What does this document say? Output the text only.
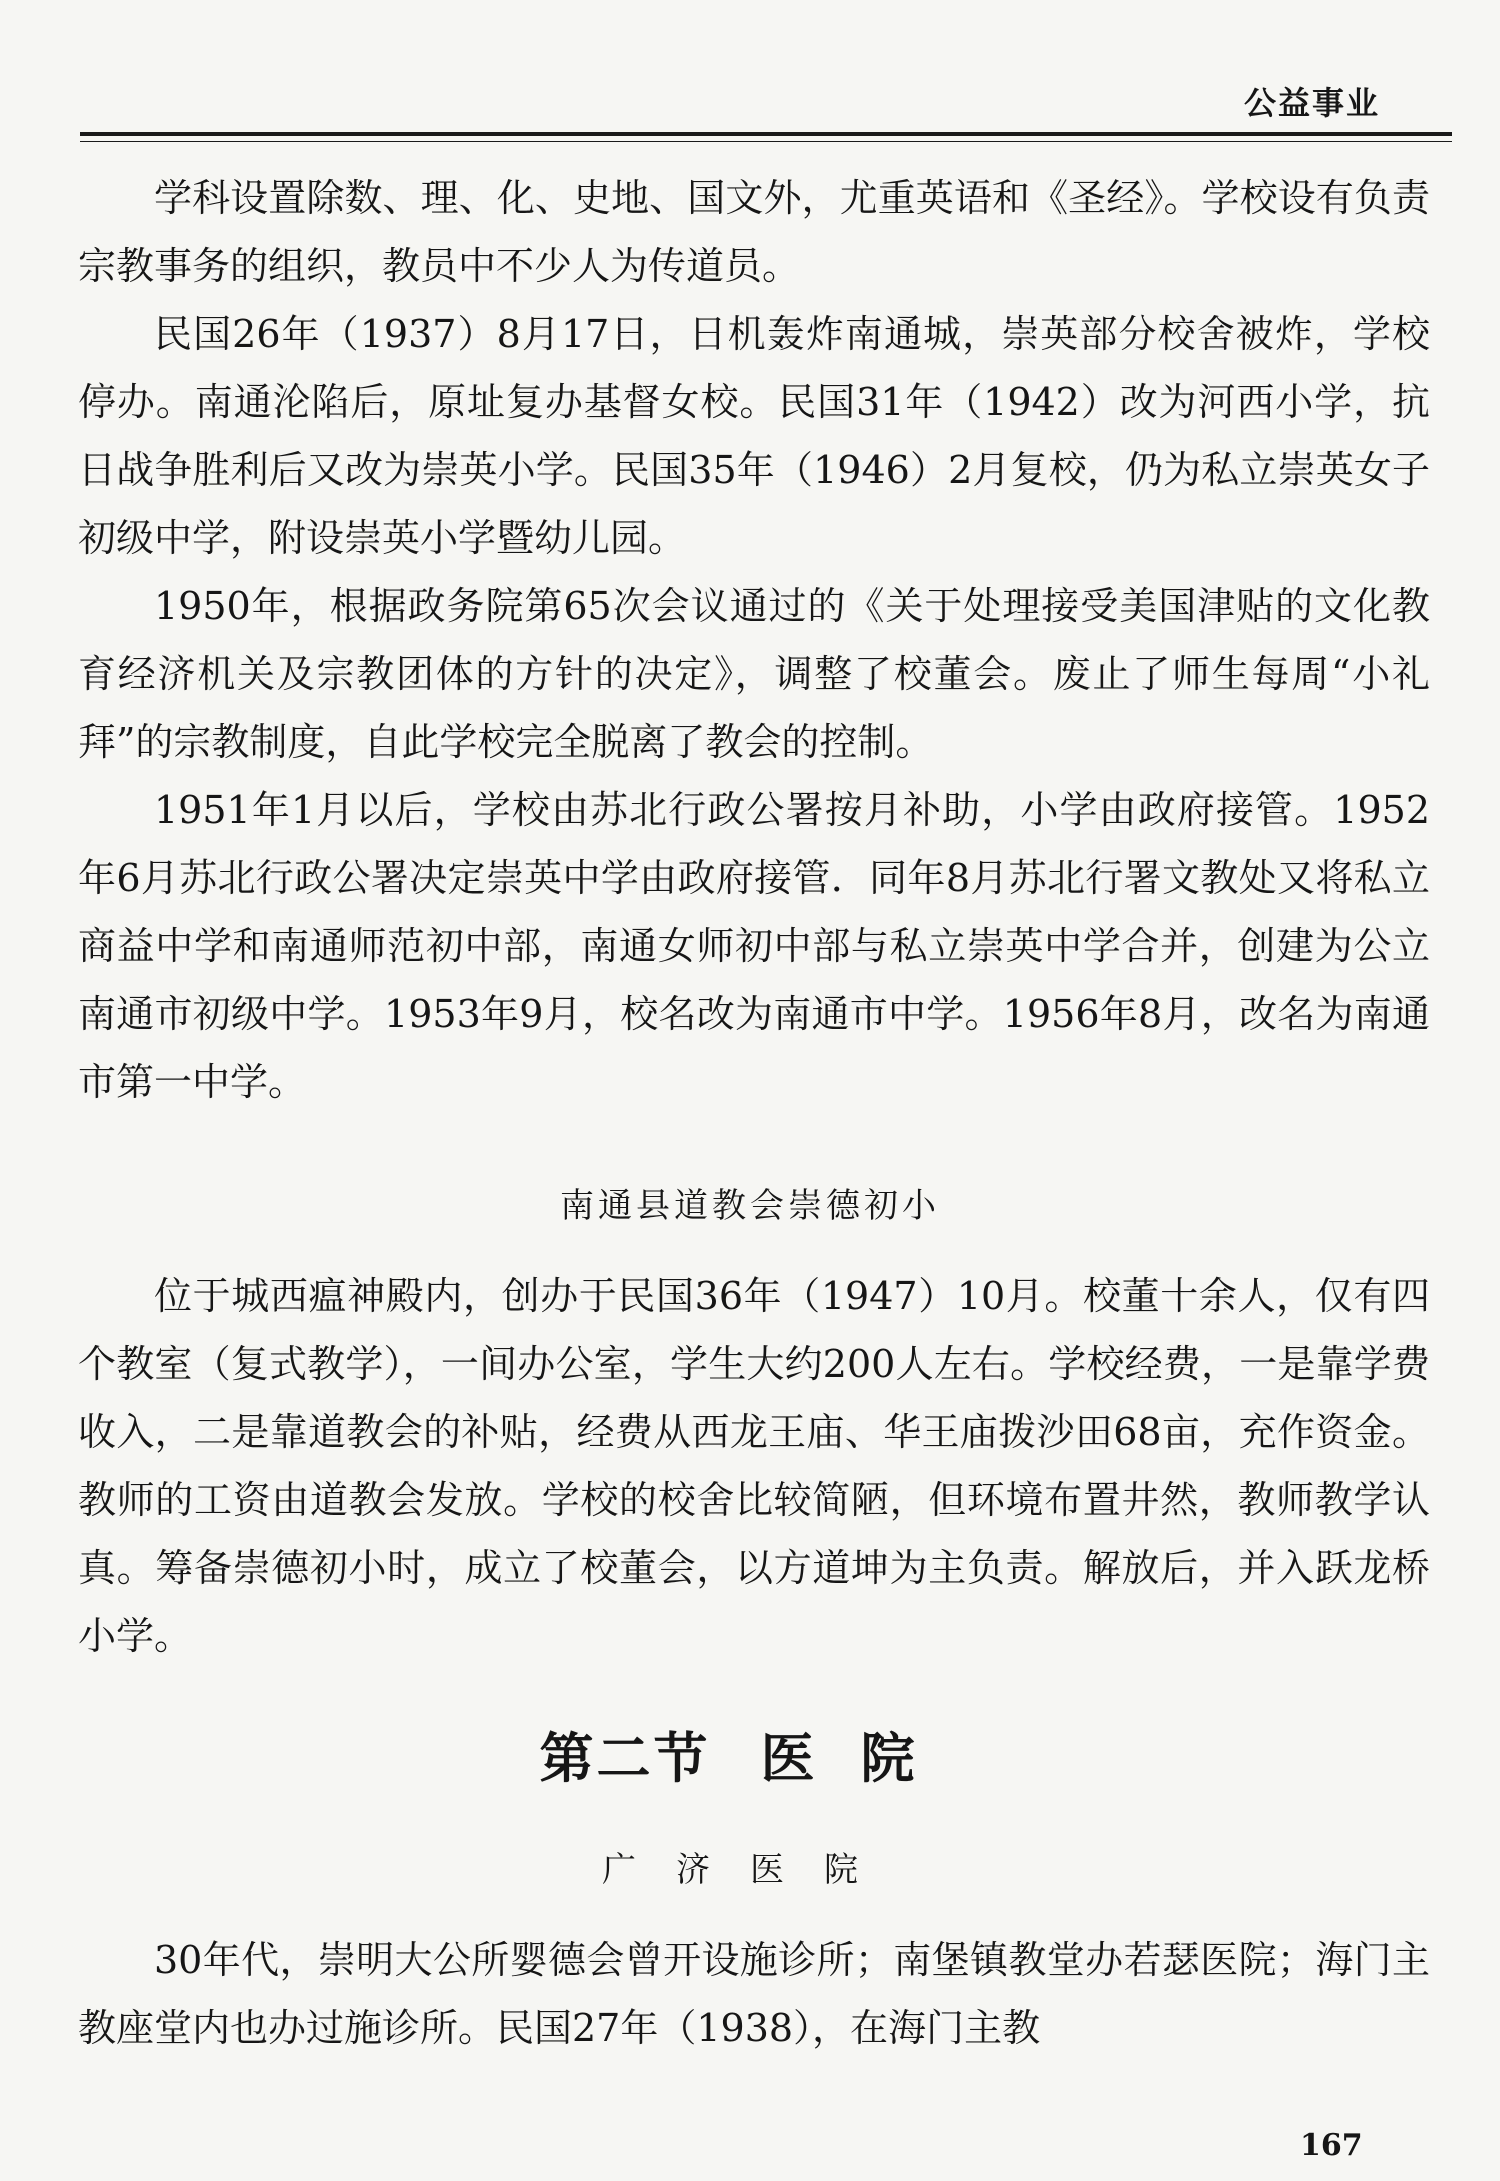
公益事业

学科设置除数、理、化、史地、国文外，尤重英语和《圣经》。学校设有负责宗教事务的组织，教员中不少人为传道员。

民国26年（1937）8月17日，日机轰炸南通城，崇英部分校舍被炸，学校停办。南通沦陷后，原址复办基督女校。民国31年（1942）改为河西小学，抗日战争胜利后又改为崇英小学。民国35年（1946）2月复校，仍为私立崇英女子初级中学，附设崇英小学暨幼儿园。

1950年，根据政务院第65次会议通过的《关于处理接受美国津贴的文化教育经济机关及宗教团体的方针的决定》，调整了校董会。废止了师生每周“小礼拜”的宗教制度，自此学校完全脱离了教会的控制。

1951年1月以后，学校由苏北行政公署按月补助，小学由政府接管。1952年6月苏北行政公署决定崇英中学由政府接管．同年8月苏北行署文教处又将私立商益中学和南通师范初中部，南通女师初中部与私立崇英中学合并，创建为公立南通市初级中学。1953年9月，校名改为南通市中学。1956年8月，改名为南通市第一中学。

南通县道教会崇德初小

位于城西瘟神殿内，创办于民国36年（1947）10月。校董十余人，仅有四个教室（复式教学），一间办公室，学生大约200人左右。学校经费，一是靠学费收入，二是靠道教会的补贴，经费从西龙王庙、华王庙拨沙田68亩，充作资金。教师的工资由道教会发放。学校的校舍比较简陋，但环境布置井然，教师教学认真。筹备崇德初小时，成立了校董会，以方道坤为主负责。解放后，并入跃龙桥小学。

第二节 医院
广济医院

30年代，崇明大公所婴德会曾开设施诊所；南堡镇教堂办若瑟医院；海门主教座堂内也办过施诊所。民国27年（1938），在海门主教

167
